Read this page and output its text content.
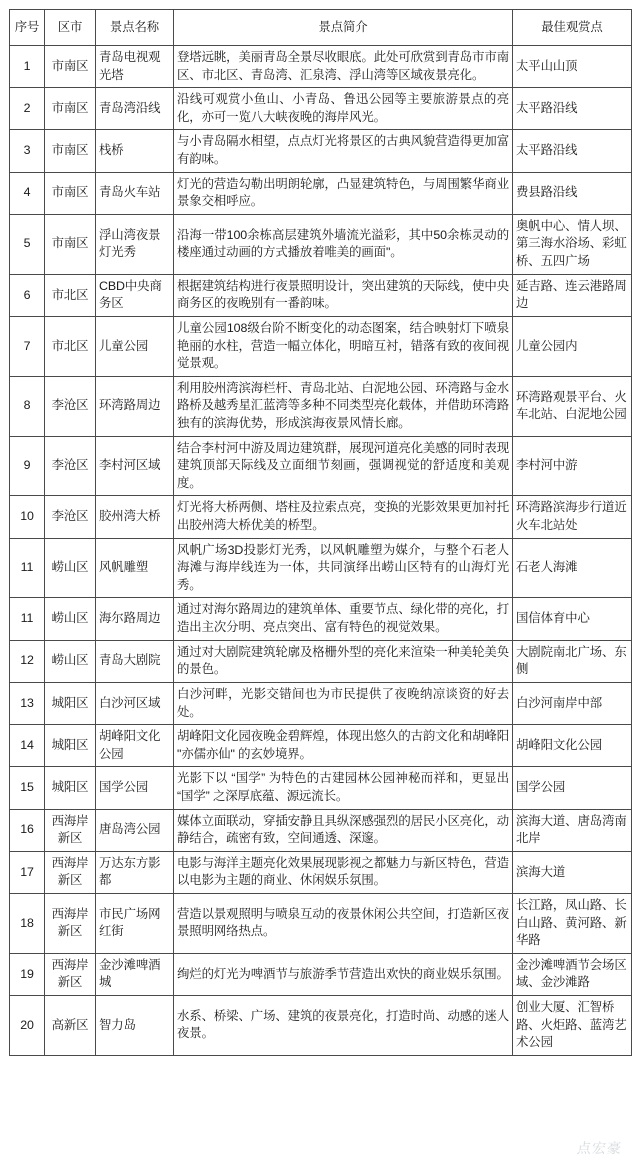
序号	区市	景点名称	景点简介	最佳观赏点
1	市南区	青岛电视观光塔	登塔远眺，美丽青岛全景尽收眼底。此处可欣赏到青岛市市南区、市北区、青岛湾、汇泉湾、浮山湾等区域夜景亮化。	太平山山顶
2	市南区	青岛湾沿线	沿线可观赏小鱼山、小青岛、鲁迅公园等主要旅游景点的亮化，亦可一览八大峡夜晚的海岸风光。	太平路沿线
3	市南区	栈桥	与小青岛隔水相望，点点灯光将景区的古典风貌营造得更加富有韵味。	太平路沿线
4	市南区	青岛火车站	灯光的营造勾勒出明朗轮廓，凸显建筑特色，与周围繁华商业景象交相呼应。	费县路沿线
5	市南区	浮山湾夜景灯光秀	沿海一带100余栋高层建筑外墙流光溢彩，其中50余栋灵动的楼座通过动画的方式播放着唯美的画面"。	奥帆中心、情人坝、第三海水浴场、彩虹桥、五四广场
6	市北区	CBD中央商务区	根据建筑结构进行夜景照明设计，突出建筑的天际线，使中央商务区的夜晚别有一番韵味。	延吉路、连云港路周边
7	市北区	儿童公园	儿童公园108级台阶不断变化的动态图案，结合映射灯下喷泉艳丽的水柱，营造一幅立体化，明暗互衬，错落有致的夜间视觉景观。	儿童公园内
8	李沧区	环湾路周边	利用胶州湾滨海栏杆、青岛北站、白泥地公园、环湾路与金水路桥及越秀星汇蓝湾等多种不同类型亮化载体，并借助环湾路独有的滨海优势，形成滨海夜景风情长廊。	环湾路观景平台、火车北站、白泥地公园
9	李沧区	李村河区域	结合李村河中游及周边建筑群，展现河道亮化美感的同时表现建筑顶部天际线及立面细节刻画，强调视觉的舒适度和美观度。	李村河中游
10	李沧区	胶州湾大桥	灯光将大桥两侧、塔柱及拉索点亮，变换的光影效果更加衬托出胶州湾大桥优美的桥型。	环湾路滨海步行道近火车北站处
11	崂山区	风帆雕塑	风帆广场3D投影灯光秀，以风帆雕塑为媒介，与整个石老人海滩与海岸线连为一体，共同演绎出崂山区特有的山海灯光秀。	石老人海滩
11	崂山区	海尔路周边	通过对海尔路周边的建筑单体、重要节点、绿化带的亮化，打造出主次分明、亮点突出、富有特色的视觉效果。	国信体育中心
12	崂山区	青岛大剧院	通过对大剧院建筑轮廓及格栅外型的亮化来渲染一种美轮美奂的景色。	大剧院南北广场、东侧
13	城阳区	白沙河区域	白沙河畔，光影交错间也为市民提供了夜晚纳凉谈资的好去处。	白沙河南岸中部
14	城阳区	胡峰阳文化公园	胡峰阳文化园夜晚金碧辉煌，体现出悠久的古韵文化和胡峰阳 "亦儒亦仙" 的玄妙境界。	胡峰阳文化公园
15	城阳区	国学公园	光影下以 “国学” 为特色的古建园林公园神秘而祥和，更显出 “国学” 之深厚底蕴、源远流长。	国学公园
16	西海岸新区	唐岛湾公园	媒体立面联动，穿插安静且具纵深感强烈的居民小区亮化，动静结合，疏密有致，空间通透、深邃。	滨海大道、唐岛湾南北岸
17	西海岸新区	万达东方影都	电影与海洋主题亮化效果展现影视之都魅力与新区特色，营造以电影为主题的商业、休闲娱乐氛围。	滨海大道
18	西海岸新区	市民广场网红街	营造以景观照明与喷泉互动的夜景休闲公共空间，打造新区夜景照明网络热点。	长江路，凤山路、长白山路、黄河路、新华路
19	西海岸新区	金沙滩啤酒城	绚烂的灯光为啤酒节与旅游季节营造出欢快的商业娱乐氛围。	金沙滩啤酒节会场区域、金沙滩路
20	高新区	智力岛	水系、桥梁、广场、建筑的夜景亮化，打造时尚、动感的迷人夜景。	创业大厦、汇智桥路、火炬路、蓝湾艺术公园
点宏豪
